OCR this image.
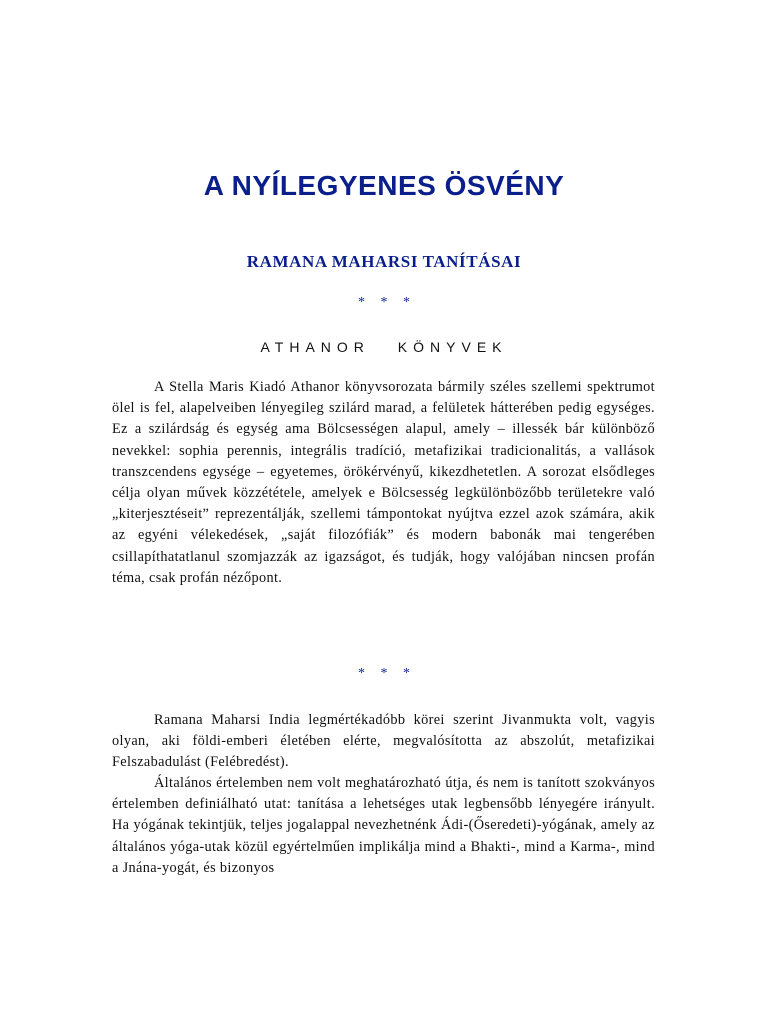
A NYÍLEGYENES ÖSVÉNY
RAMANA MAHARSI TANÍTÁSAI
* * *
ATHANOR KÖNYVEK

A Stella Maris Kiadó Athanor könyvsorozata bármily széles szellemi spektrumot ölel is fel, alapelveiben lényegileg szilárd marad, a felületek hátterében pedig egységes. Ez a szilárdság és egység ama Bölcsességen alapul, amely – illessék bár különböző nevekkel: sophia perennis, integrális tradíció, metafizikai tradicionalitás, a vallások transzcendens egysége – egyetemes, örökérvényű, kikezdhetetlen. A sorozat elsődleges célja olyan művek közzététele, amelyek e Bölcsesség legkülönbözőbb területekre való „kiterjesztéseit” reprezentálják, szellemi támpontokat nyújtva ezzel azok számára, akik az egyéni vélekedések, „saját filozófiák” és modern babonák mai tengerében csillapíthatatlanul szomjazzák az igazságot, és tudják, hogy valójában nincsen profán téma, csak profán nézőpont.

* * *

Ramana Maharsi India legmértékadóbb körei szerint Jivanmukta volt, vagyis olyan, aki földi-emberi életében elérte, megvalósította az abszolút, metafizikai Felszabadulást (Felébredést).

Általános értelemben nem volt meghatározható útja, és nem is tanított szokványos értelemben definiálható utat: tanítása a lehetséges utak legbensőbb lényegére irányult. Ha yógának tekintjük, teljes jogalappal nevezhetnénk Ádi-(Őseredeti)-yógának, amely az általános yóga-utak közül egyértelműen implikálja mind a Bhakti-, mind a Karma-, mind a Jnána-yogát, és bizonyos
